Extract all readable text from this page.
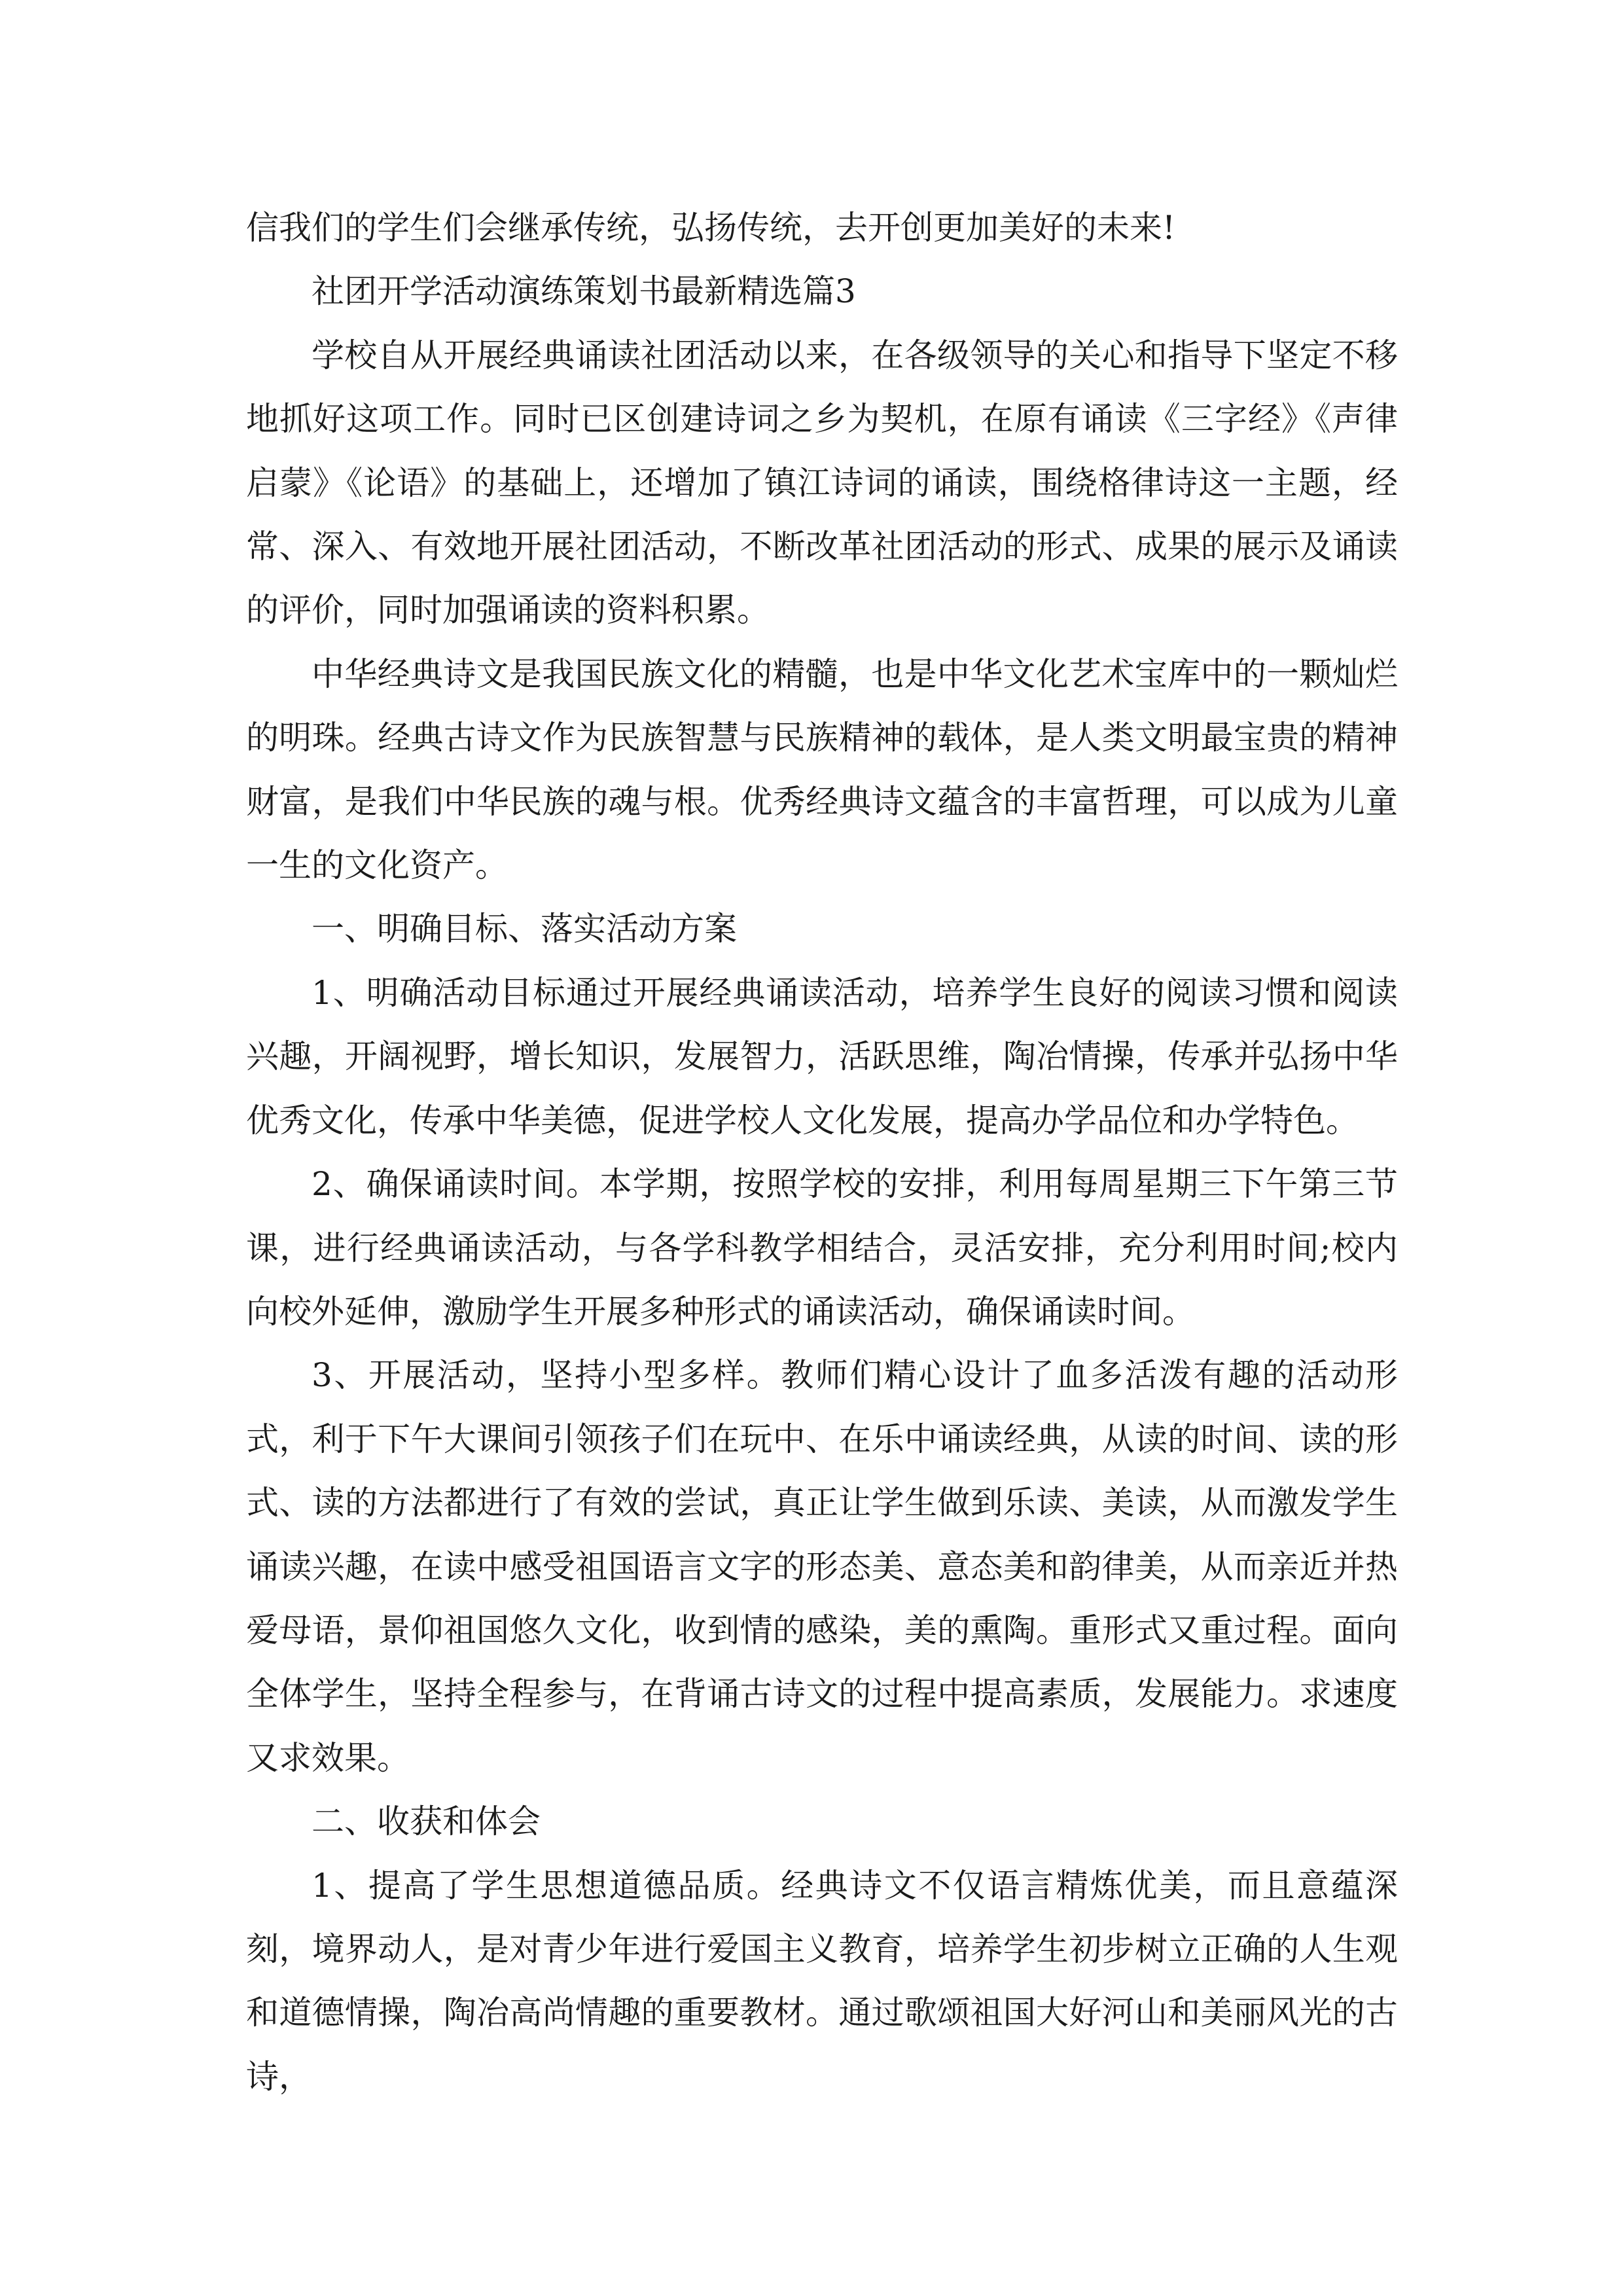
信我们的学生们会继承传统，弘扬传统，去开创更加美好的未来!

社团开学活动演练策划书最新精选篇3

学校自从开展经典诵读社团活动以来，在各级领导的关心和指导下坚定不移地抓好这项工作。同时已区创建诗词之乡为契机，在原有诵读《三字经》《声律启蒙》《论语》的基础上，还增加了镇江诗词的诵读，围绕格律诗这一主题，经常、深入、有效地开展社团活动，不断改革社团活动的形式、成果的展示及诵读的评价，同时加强诵读的资料积累。

中华经典诗文是我国民族文化的精髓，也是中华文化艺术宝库中的一颗灿烂的明珠。经典古诗文作为民族智慧与民族精神的载体，是人类文明最宝贵的精神财富，是我们中华民族的魂与根。优秀经典诗文蕴含的丰富哲理，可以成为儿童一生的文化资产。

一、明确目标、落实活动方案

1、明确活动目标通过开展经典诵读活动，培养学生良好的阅读习惯和阅读兴趣，开阔视野，增长知识，发展智力，活跃思维，陶冶情操，传承并弘扬中华优秀文化，传承中华美德，促进学校人文化发展，提高办学品位和办学特色。

2、确保诵读时间。本学期，按照学校的安排，利用每周星期三下午第三节课，进行经典诵读活动，与各学科教学相结合，灵活安排，充分利用时间;校内向校外延伸，激励学生开展多种形式的诵读活动，确保诵读时间。

3、开展活动，坚持小型多样。教师们精心设计了血多活泼有趣的活动形式，利于下午大课间引领孩子们在玩中、在乐中诵读经典，从读的时间、读的形式、读的方法都进行了有效的尝试，真正让学生做到乐读、美读，从而激发学生诵读兴趣，在读中感受祖国语言文字的形态美、意态美和韵律美，从而亲近并热爱母语，景仰祖国悠久文化，收到情的感染，美的熏陶。重形式又重过程。面向全体学生，坚持全程参与，在背诵古诗文的过程中提高素质，发展能力。求速度又求效果。

二、收获和体会

1、提高了学生思想道德品质。经典诗文不仅语言精炼优美，而且意蕴深刻，境界动人，是对青少年进行爱国主义教育，培养学生初步树立正确的人生观和道德情操，陶冶高尚情趣的重要教材。通过歌颂祖国大好河山和美丽风光的古诗，
